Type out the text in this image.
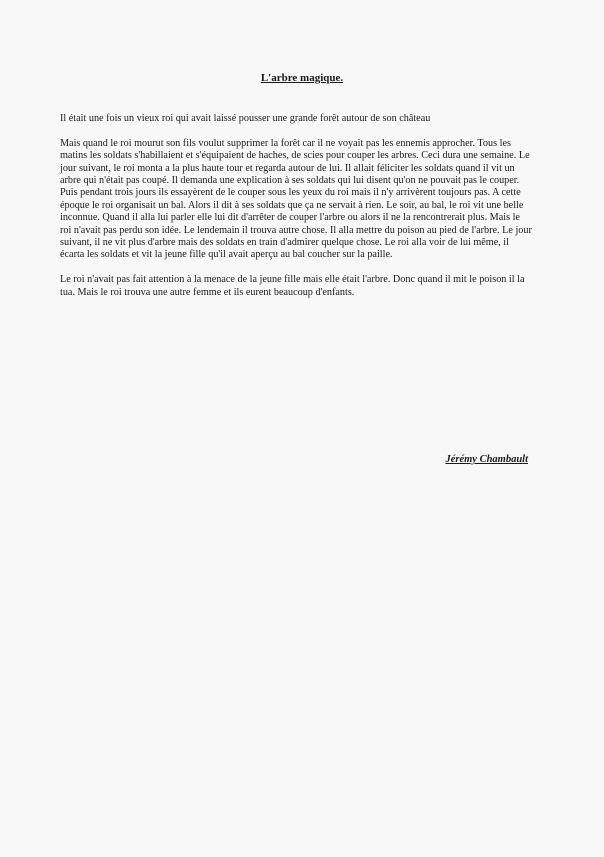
L'arbre magique.

Il était une fois un vieux roi qui avait laissé pousser une grande forêt autour de son château

Mais quand le roi mourut son fils voulut supprimer la forêt car il ne voyait pas les ennemis approcher. Tous les matins les soldats s'habillaient et s'équipaient de haches, de scies pour couper les arbres. Ceci dura une semaine. Le jour suivant, le roi monta a la plus haute tour et regarda autour de lui. Il allait féliciter les soldats quand il vit un arbre qui n'était pas coupé. Il demanda une explication à ses soldats qui lui disent qu'on ne pouvait pas le couper. Puis pendant trois jours ils essayèrent de le couper sous les yeux du roi mais il n'y arrivèrent toujours pas. A cette époque le roi organisait un bal. Alors il dit à ses soldats que ça ne servait à rien. Le soir, au bal, le roi vit une belle inconnue. Quand il alla lui parler elle lui dit d'arrêter de couper l'arbre ou alors il ne la rencontrerait plus. Mais le roi n'avait pas perdu son idée. Le lendemain il trouva autre chose. Il alla mettre du poison au pied de l'arbre. Le jour suivant, il ne vit plus d'arbre mais des soldats en train d'admirer quelque chose. Le roi alla voir de lui même, il écarta les soldats et vit la jeune fille qu'il avait aperçu au bal coucher sur la paille.

Le roi n'avait pas fait attention à la menace de la jeune fille mais elle était l'arbre. Donc quand il mit le poison il la tua. Mais le roi trouva une autre femme et ils eurent beaucoup d'enfants.

Jérémy Chambault
